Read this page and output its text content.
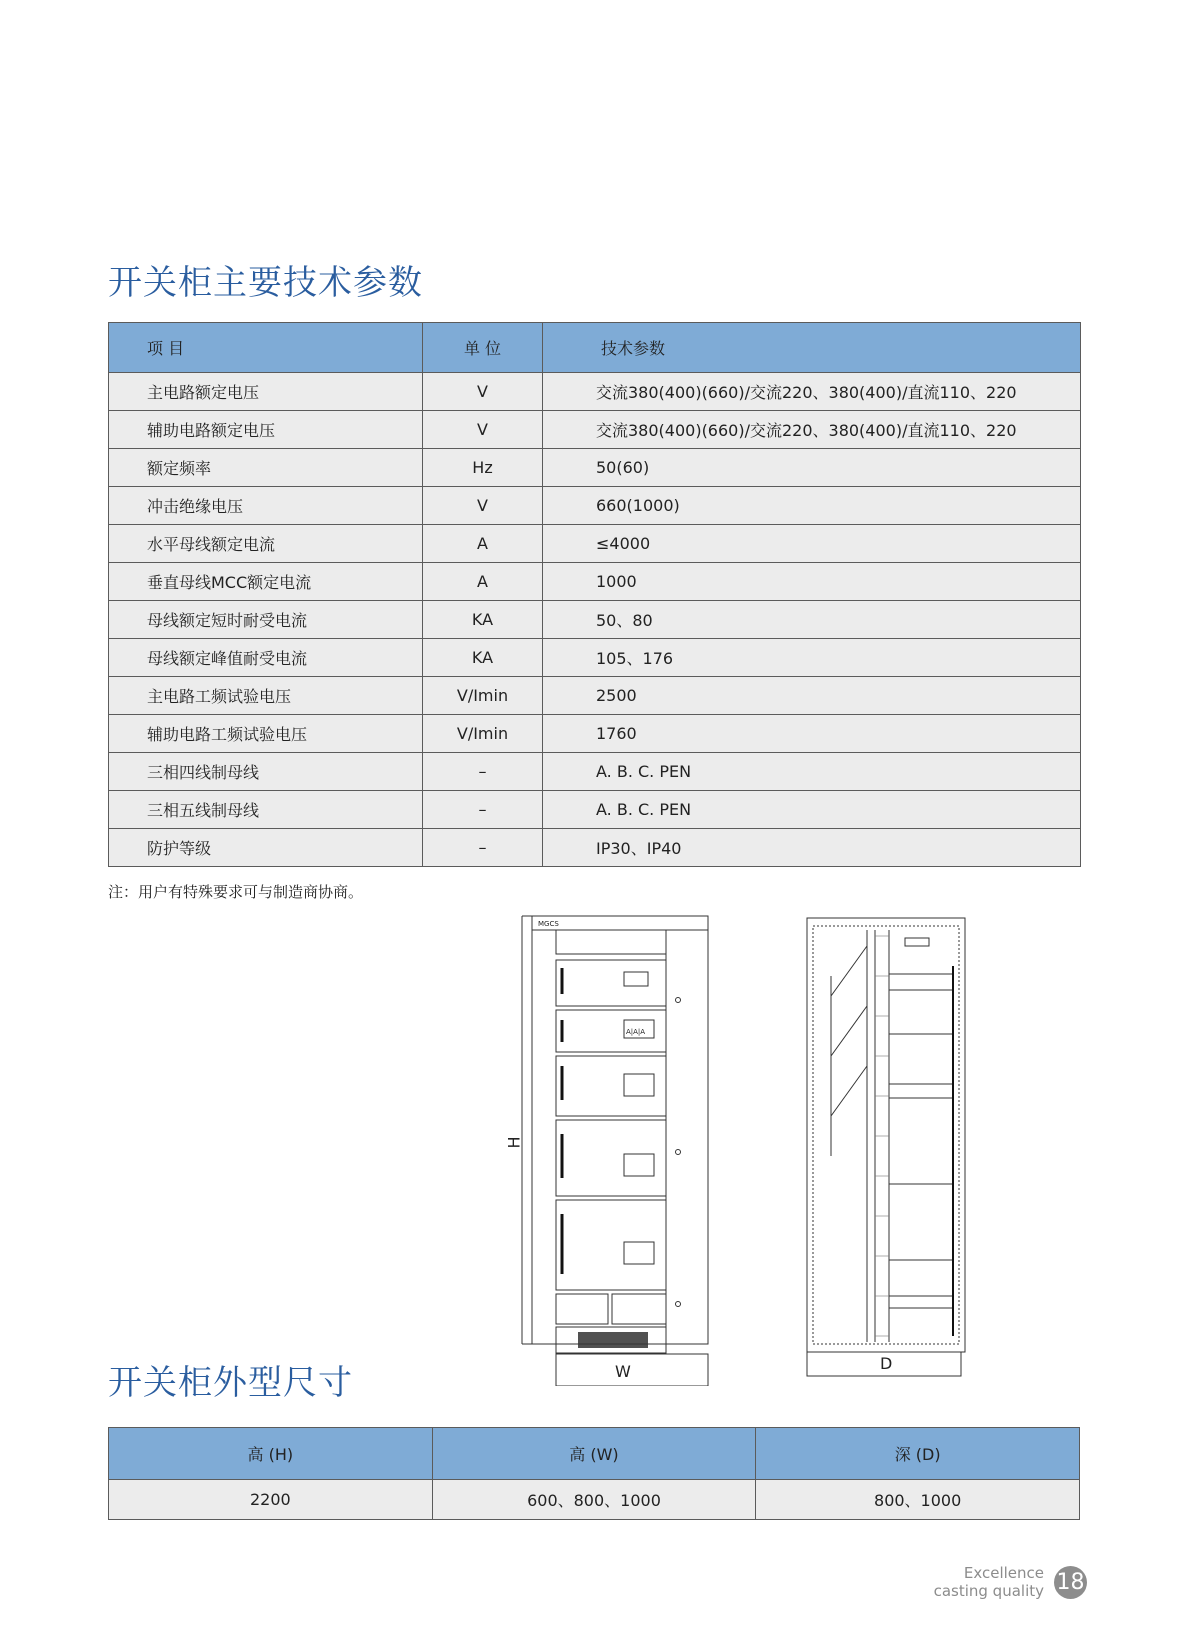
开关柜主要技术参数
项 目	单 位	技术参数
主电路额定电压	V	交流380(400)(660)/交流220、380(400)/直流110、220
辅助电路额定电压	V	交流380(400)(660)/交流220、380(400)/直流110、220
额定频率	Hz	50(60)
冲击绝缘电压	V	660(1000)
水平母线额定电流	A	≤4000
垂直母线MCC额定电流	A	1000
母线额定短时耐受电流	KA	50、80
母线额定峰值耐受电流	KA	105、176
主电路工频试验电压	V/Imin	2500
辅助电路工频试验电压	V/Imin	1760
三相四线制母线	–	A. B. C. PEN
三相五线制母线	–	A. B. C. PEN
防护等级	–	IP30、IP40
注：用户有特殊要求可与制造商协商。
MGCS
A|A|A
H
W	D
开关柜外型尺寸
高 (H)	高 (W)	深 (D)
2200	600、800、1000	800、1000
Excellence
casting quality 18
